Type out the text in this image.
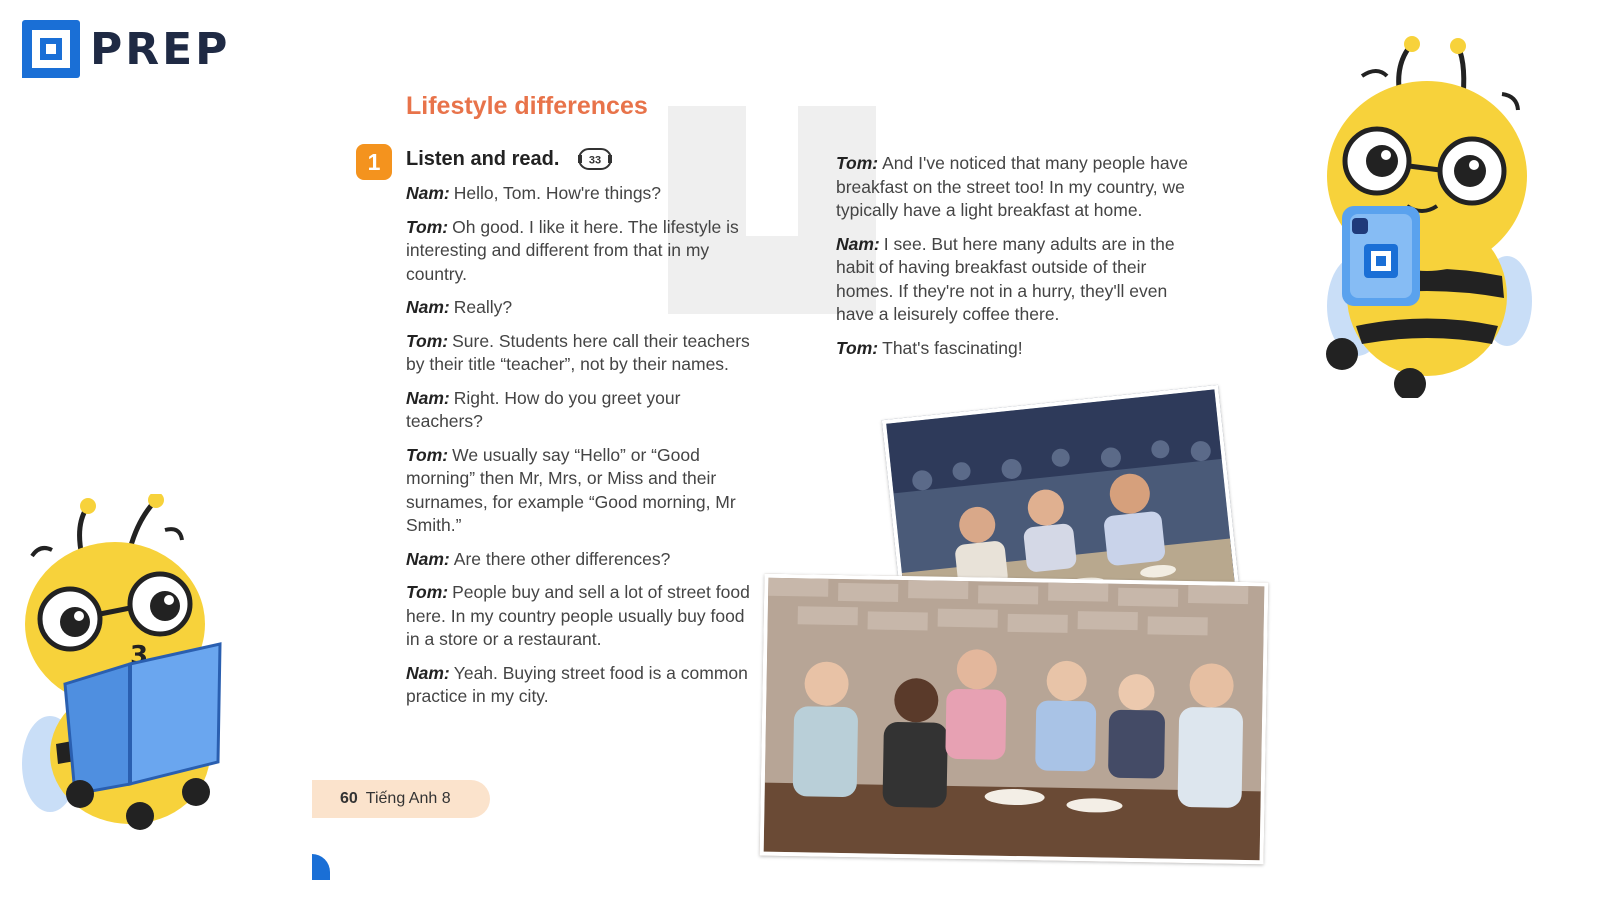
PREP
Lifestyle differences
1	Listen and read.	33
Nam: Hello, Tom. How're things?
Tom: Oh good. I like it here. The lifestyle is interesting and different from that in my country.
Nam: Really?
Tom: Sure. Students here call their teachers by their title “teacher”, not by their names.
Nam: Right. How do you greet your teachers?
Tom: We usually say “Hello” or “Good morning” then Mr, Mrs, or Miss and their surnames, for example “Good morning, Mr Smith.”
Nam: Are there other differences?
Tom: People buy and sell a lot of street food here. In my country people usually buy food in a store or a restaurant.
Nam: Yeah. Buying street food is a common practice in my city.
Tom: And I've noticed that many people have breakfast on the street too! In my country, we typically have a light breakfast at home.
Nam: I see. But here many adults are in the habit of having breakfast outside of their homes. If they're not in a hurry, they'll even have a leisurely coffee there.
Tom: That's fascinating!
60 Tiếng Anh 8
3
